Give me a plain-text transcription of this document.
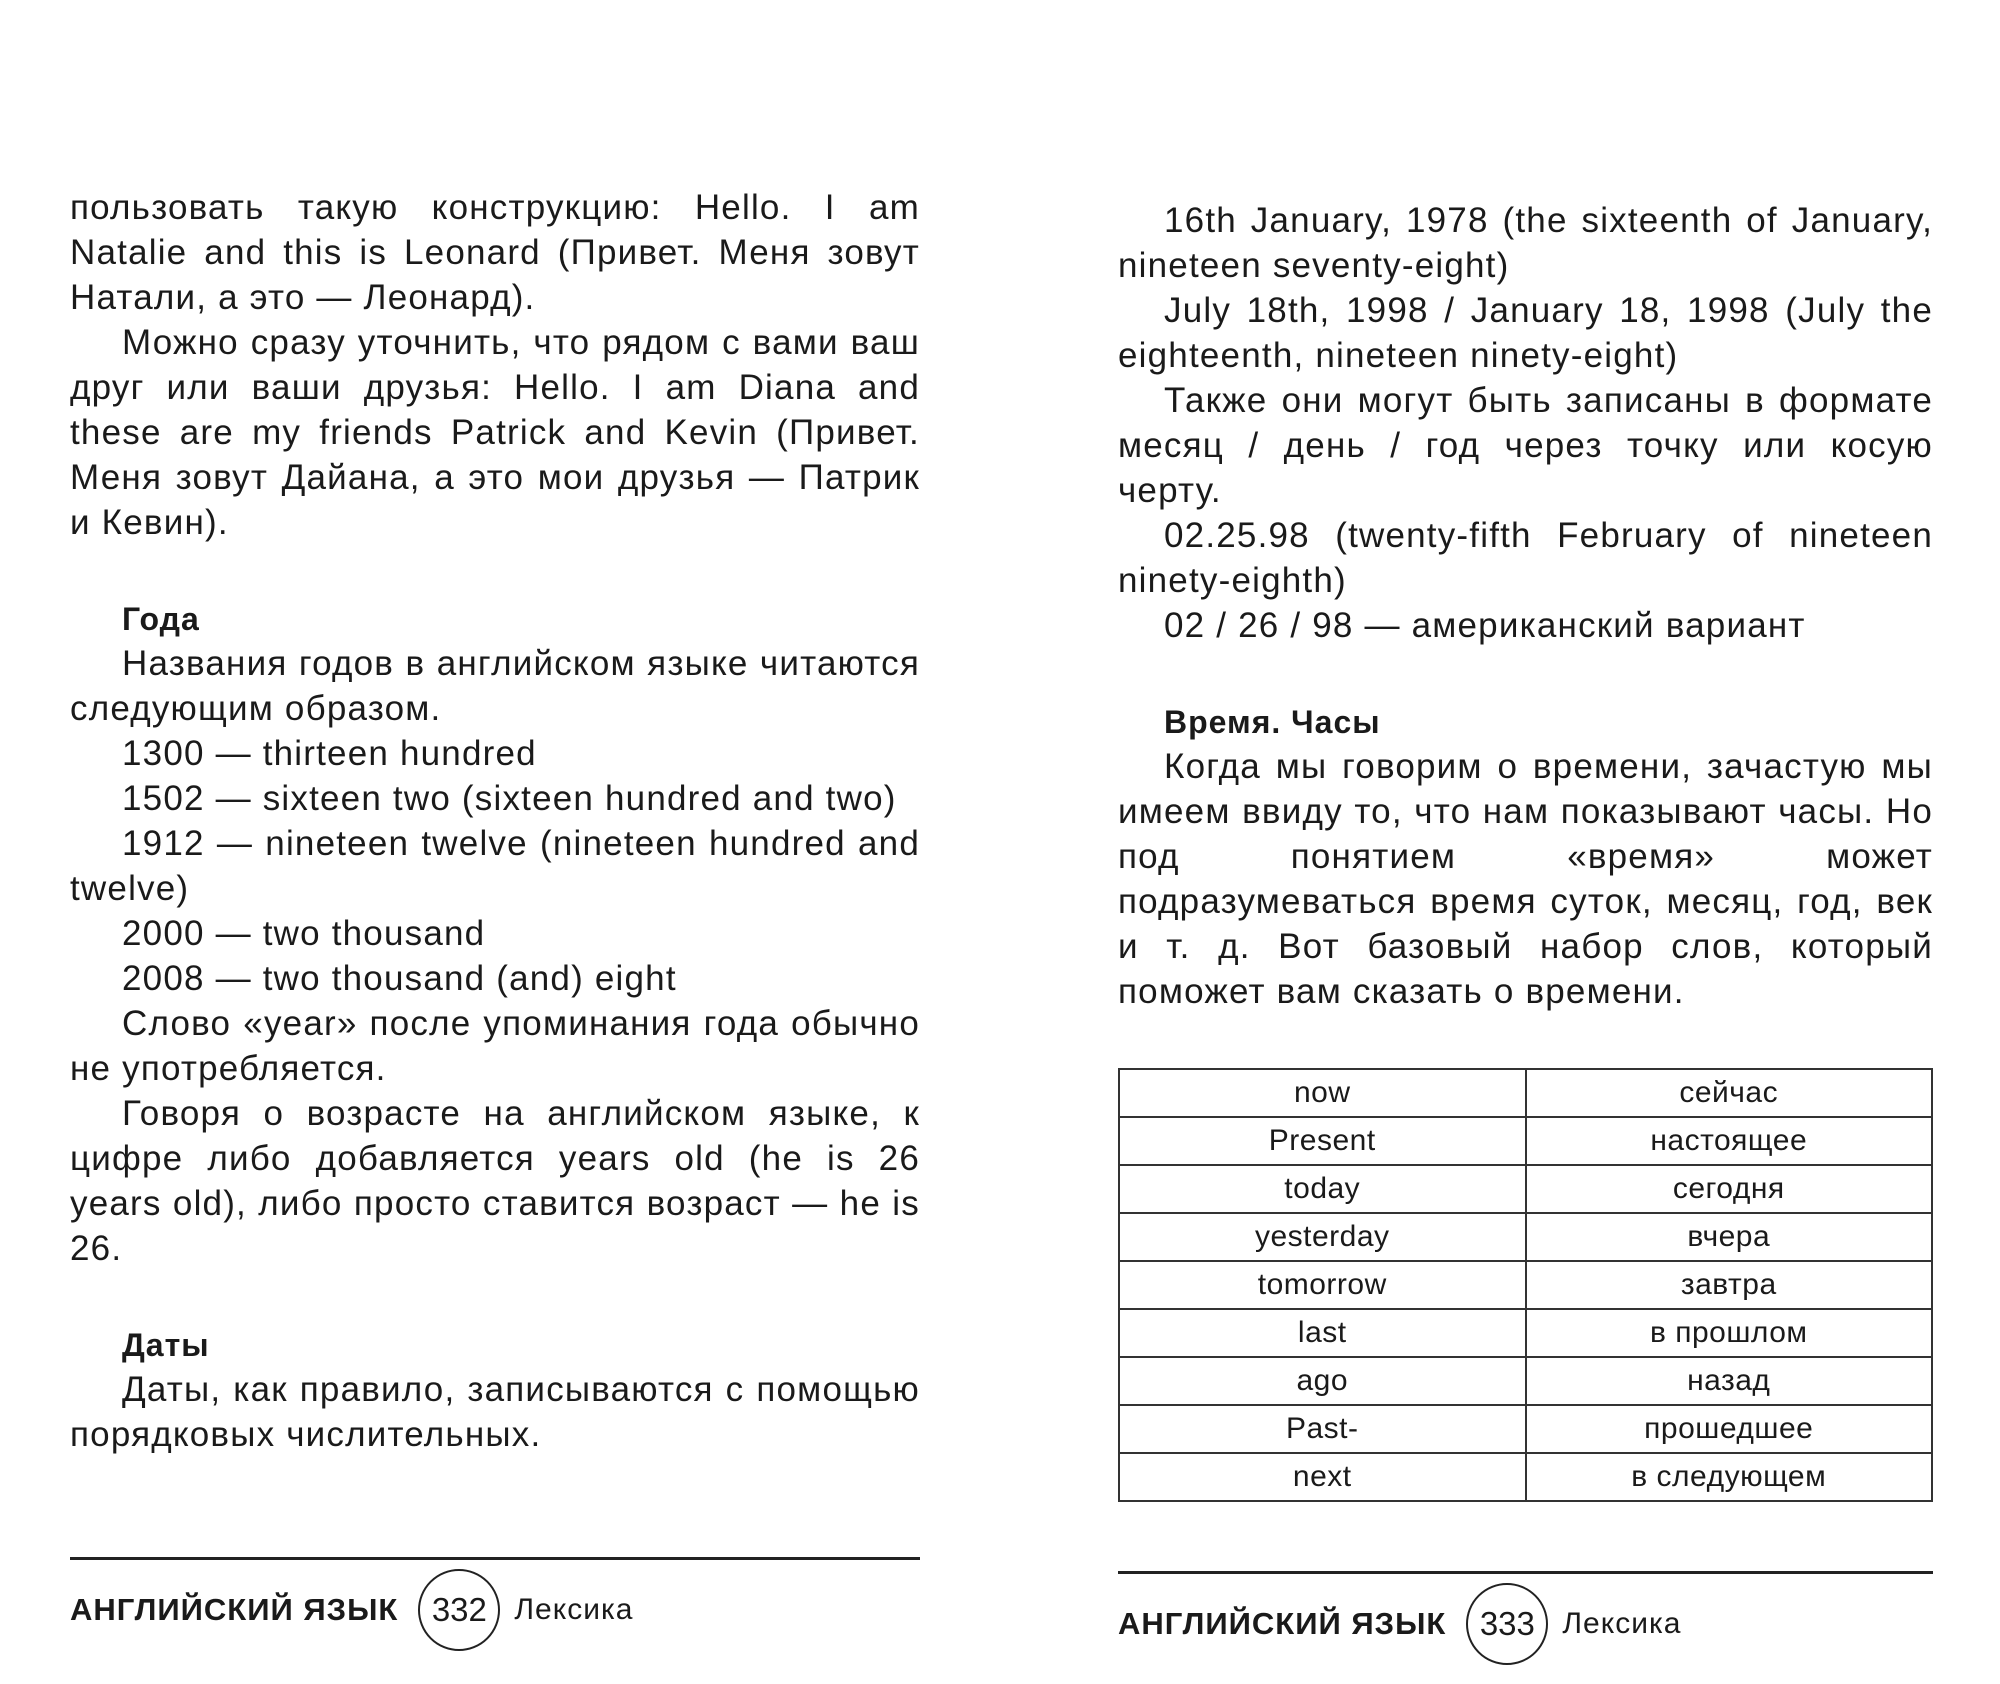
пользовать такую конструкцию: Hello. I am Natalie and this is Leonard (Привет. Меня зовут Натали, а это — Леонард).

Можно сразу уточнить, что рядом с вами ваш друг или ваши друзья: Hello. I am Diana and these are my friends Patrick and Kevin (Привет. Меня зовут Дайана, а это мои друзья — Патрик и Кевин).

Года

Названия годов в английском языке читаются следующим образом.

1300 — thirteen hundred

1502 — sixteen two (sixteen hundred and two)

1912 — nineteen twelve (nineteen hundred and twelve)

2000 — two thousand

2008 — two thousand (and) eight

Слово «year» после упоминания года обычно не употребляется.

Говоря о возрасте на английском языке, к цифре либо добавляется years old (he is 26 years old), либо просто ставится возраст — he is 26.

Даты

Даты, как правило, записываются с помощью порядковых числительных.

АНГЛИЙСКИЙ ЯЗЫК	332 Лексика

16th January, 1978 (the sixteenth of January, nineteen seventy-eight)

July 18th, 1998 / January 18, 1998 (July the eighteenth, nineteen ninety-eight)

Также они могут быть записаны в формате месяц / день / год через точку или косую черту.

02.25.98 (twenty-fifth February of nineteen ninety-eighth)

02 / 26 / 98 — американский вариант

Время. Часы

Когда мы говорим о времени, зачастую мы имеем ввиду то, что нам показывают часы. Но под понятием «время» может подразумеваться время суток, месяц, год, век и т. д. Вот базовый набор слов, который поможет вам сказать о времени.

now	сейчас
Present	настоящее
today	сегодня
yesterday	вчера
tomorrow	завтра
last	в прошлом
ago	назад
Past-	прошедшее
next	в следующем
АНГЛИЙСКИЙ ЯЗЫК	333 Лексика
